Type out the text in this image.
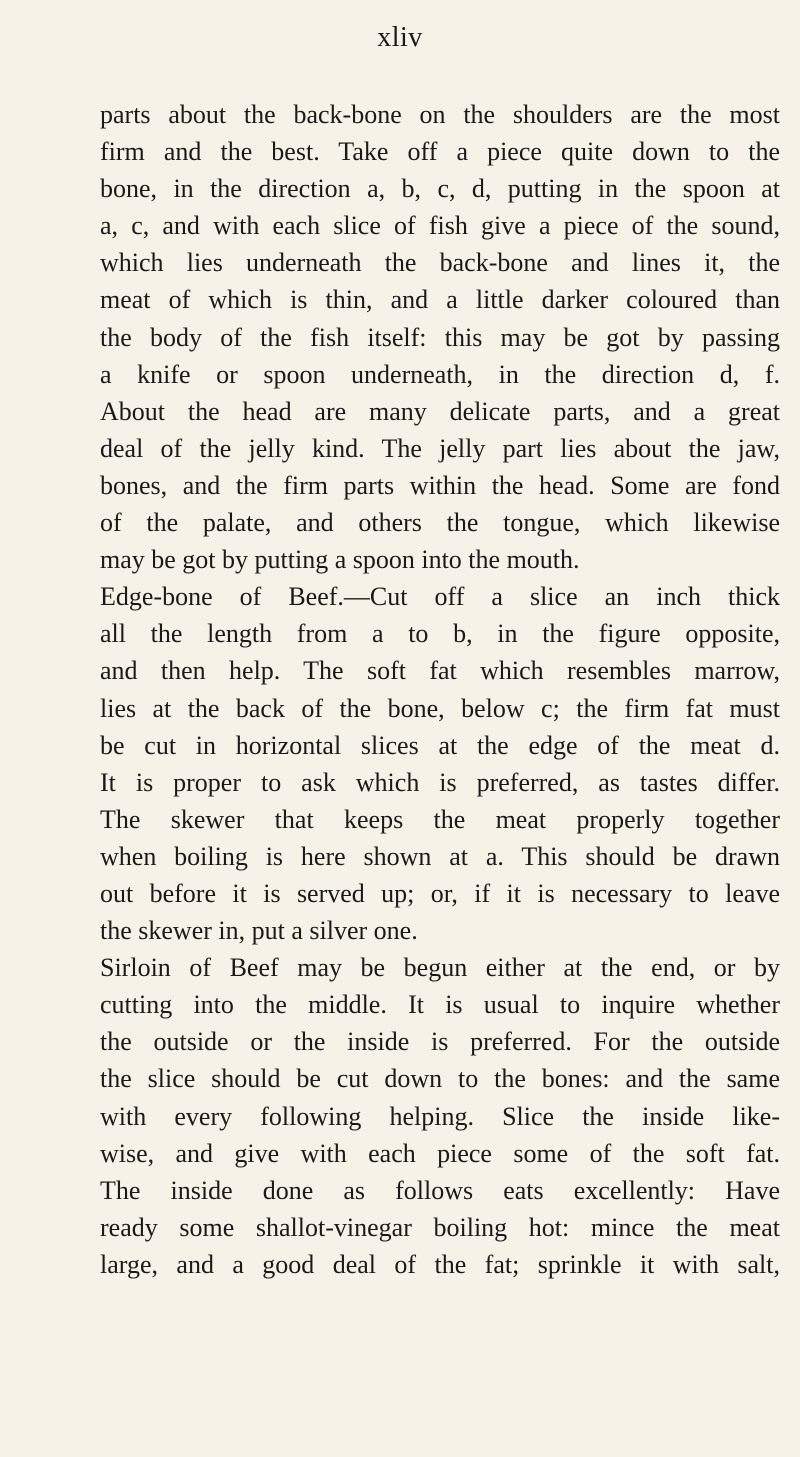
xliv
parts about the back-bone on the shoulders are the most
firm and the best. Take off a piece quite down to the
bone, in the direction a, b, c, d, putting in the spoon at
a, c, and with each slice of fish give a piece of the sound,
which lies underneath the back-bone and lines it, the
meat of which is thin, and a little darker coloured than
the body of the fish itself: this may be got by passing
a knife or spoon underneath, in the direction d, f.
About the head are many delicate parts, and a great
deal of the jelly kind. The jelly part lies about the jaw,
bones, and the firm parts within the head. Some are fond
of the palate, and others the tongue, which likewise
may be got by putting a spoon into the mouth.
Edge-bone of Beef.—Cut off a slice an inch thick
all the length from a to b, in the figure opposite,
and then help. The soft fat which resembles marrow,
lies at the back of the bone, below c; the firm fat must
be cut in horizontal slices at the edge of the meat d.
It is proper to ask which is preferred, as tastes differ.
The skewer that keeps the meat properly together
when boiling is here shown at a. This should be drawn
out before it is served up; or, if it is necessary to leave
the skewer in, put a silver one.
Sirloin of Beef may be begun either at the end, or by
cutting into the middle. It is usual to inquire whether
the outside or the inside is preferred. For the outside
the slice should be cut down to the bones: and the same
with every following helping. Slice the inside like-
wise, and give with each piece some of the soft fat.
The inside done as follows eats excellently: Have
ready some shallot-vinegar boiling hot: mince the meat
large, and a good deal of the fat; sprinkle it with salt,
